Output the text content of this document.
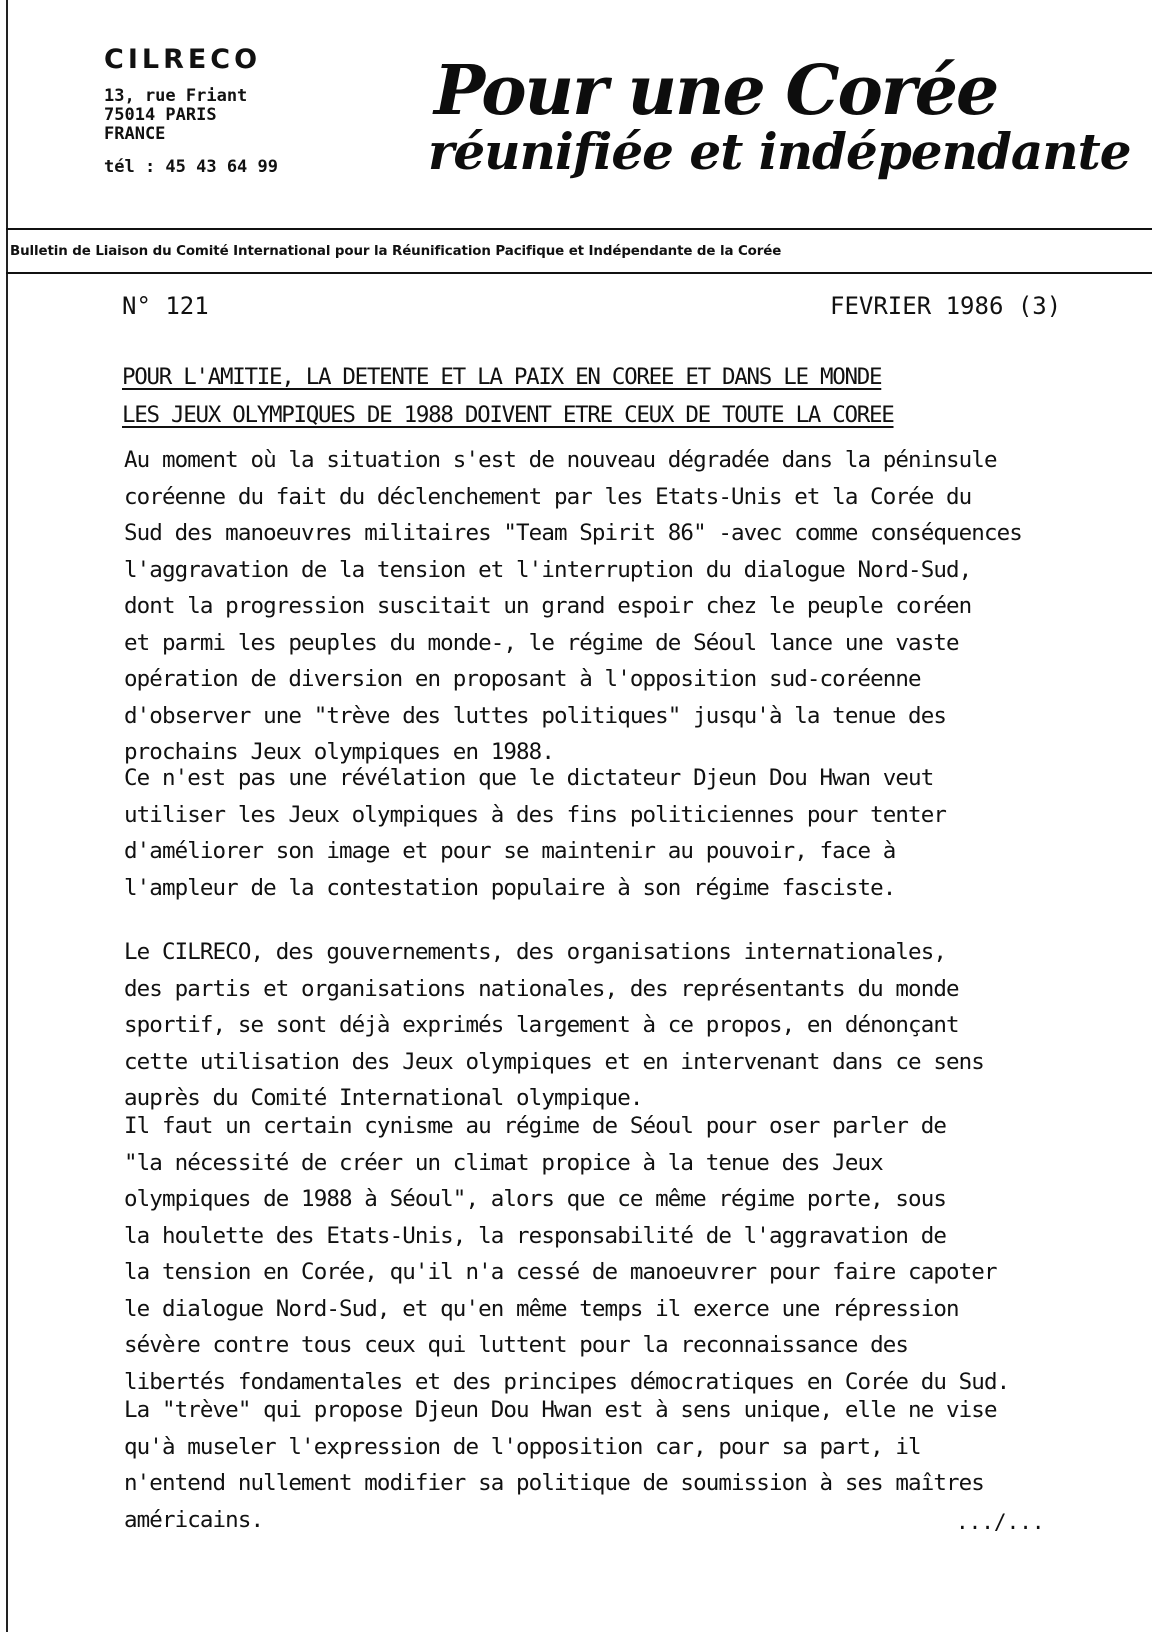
CILRECO
13, rue Friant
75014 PARIS
FRANCE
tél : 45 43 64 99
Pour une Corée
réunifiée et indépendante
Bulletin de Liaison du Comité International pour la Réunification Pacifique et Indépendante de la Corée
N° 121	FEVRIER 1986 (3)
POUR L'AMITIE, LA DETENTE ET LA PAIX EN COREE ET DANS LE MONDE
LES JEUX OLYMPIQUES DE 1988 DOIVENT ETRE CEUX DE TOUTE LA COREE
Au moment où la situation s'est de nouveau dégradée dans la péninsule
coréenne du fait du déclenchement par les Etats-Unis et la Corée du
Sud des manoeuvres militaires "Team Spirit 86" -avec comme conséquences
l'aggravation de la tension et l'interruption du dialogue Nord-Sud,
dont la progression suscitait un grand espoir chez le peuple coréen
et parmi les peuples du monde-, le régime de Séoul lance une vaste
opération de diversion en proposant à l'opposition sud-coréenne
d'observer une "trève des luttes politiques" jusqu'à la tenue des
prochains Jeux olympiques en 1988.
Ce n'est pas une révélation que le dictateur Djeun Dou Hwan veut
utiliser les Jeux olympiques à des fins politiciennes pour tenter
d'améliorer son image et pour se maintenir au pouvoir, face à
l'ampleur de la contestation populaire à son régime fasciste.
Le CILRECO, des gouvernements, des organisations internationales,
des partis et organisations nationales, des représentants du monde
sportif, se sont déjà exprimés largement à ce propos, en dénonçant
cette utilisation des Jeux olympiques et en intervenant dans ce sens
auprès du Comité International olympique.
Il faut un certain cynisme au régime de Séoul pour oser parler de
"la nécessité de créer un climat propice à la tenue des Jeux
olympiques de 1988 à Séoul", alors que ce même régime porte, sous
la houlette des Etats-Unis, la responsabilité de l'aggravation de
la tension en Corée, qu'il n'a cessé de manoeuvrer pour faire capoter
le dialogue Nord-Sud, et qu'en même temps il exerce une répression
sévère contre tous ceux qui luttent pour la reconnaissance des
libertés fondamentales et des principes démocratiques en Corée du Sud.
La "trève" qui propose Djeun Dou Hwan est à sens unique, elle ne vise
qu'à museler l'expression de l'opposition car, pour sa part, il
n'entend nullement modifier sa politique de soumission à ses maîtres
américains.	.../...
